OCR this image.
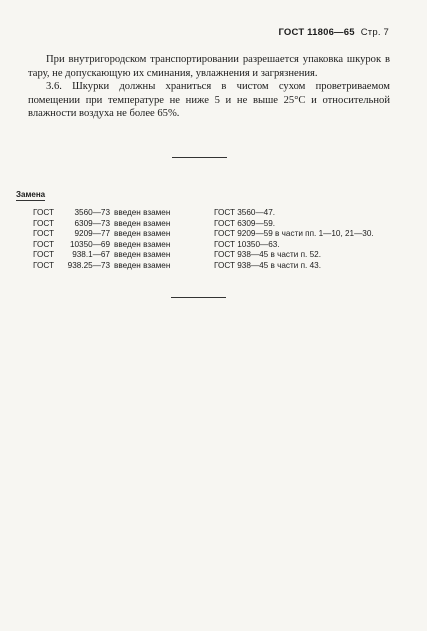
ГОСТ 11806—65 Стр. 7

При внутригородском транспортировании разрешается упаковка шкурок в тару, не допускающую их сминания, увлажнения и загрязнения.

3.6. Шкурки должны храниться в чистом сухом проветриваемом помещении при температуре не ниже 5 и не выше 25°С и относительной влажности воздуха не более 65%.

Замена
ГОСТ	3560—73 введен взамен	ГОСТ 3560—47.
ГОСТ	6309—73 введен взамен	ГОСТ 6309—59.
ГОСТ	9209—77 введен взамен	ГОСТ 9209—59 в части пп. 1—10, 21—30.
ГОСТ	10350—69 введен взамен	ГОСТ 10350—63.
ГОСТ	938.1—67 введен взамен	ГОСТ 938—45 в части п. 52.
ГОСТ	938.25—73 введен взамен	ГОСТ 938—45 в части п. 43.
